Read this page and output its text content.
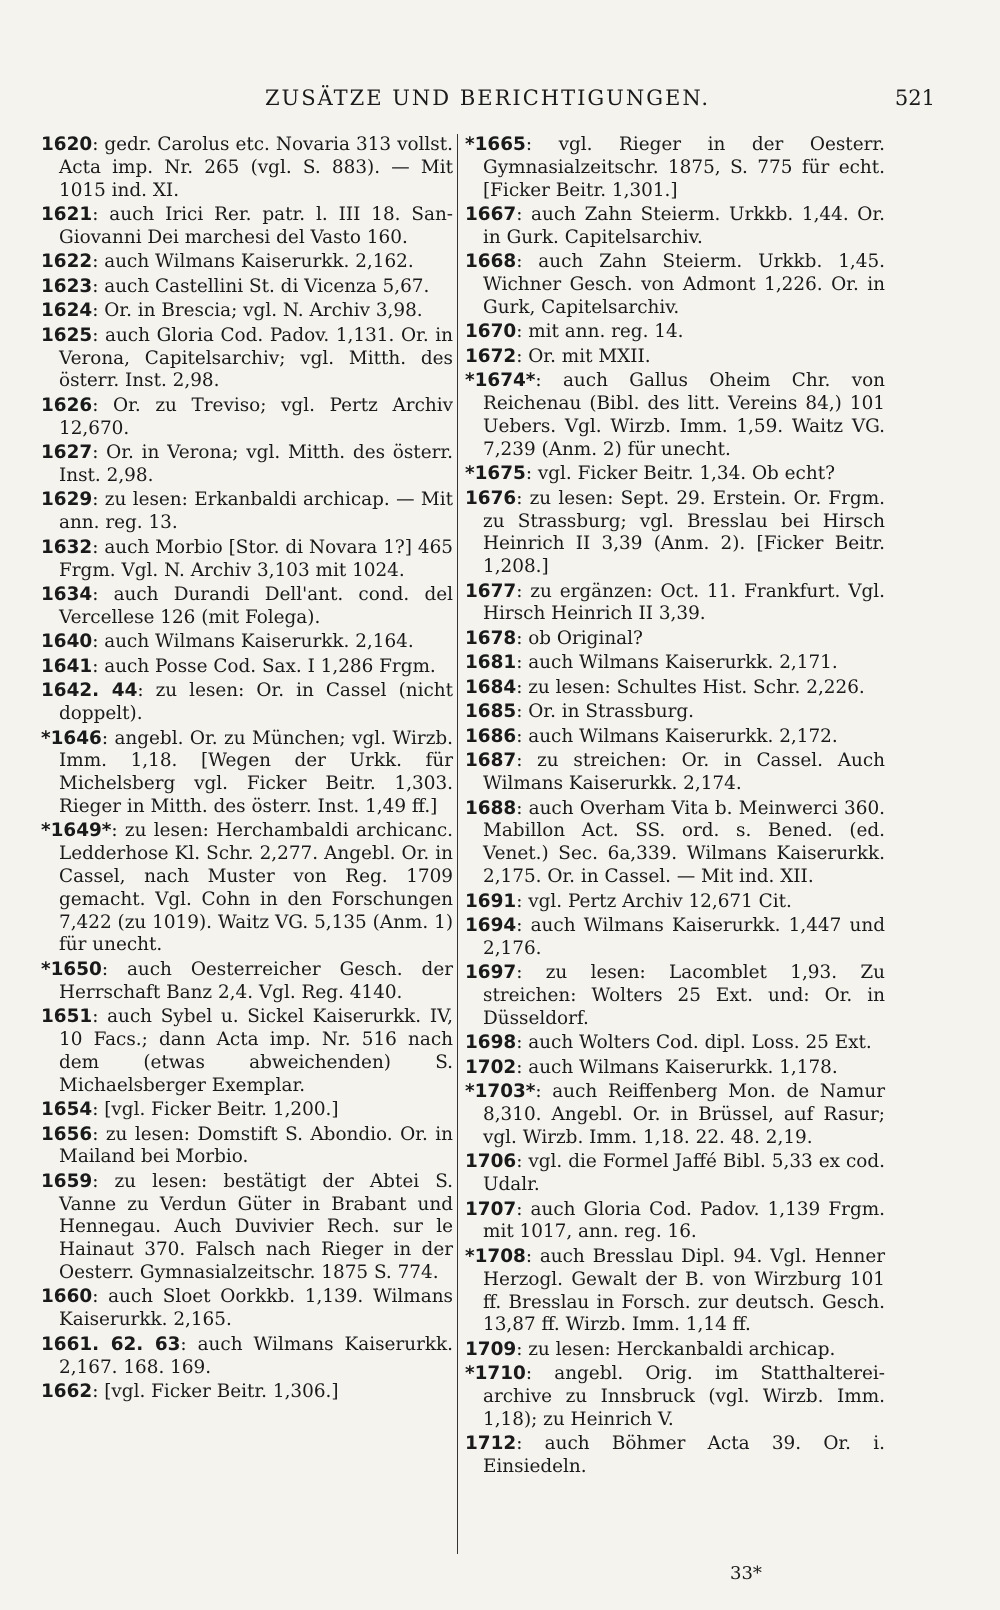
ZUSÄTZE UND BERICHTIGUNGEN.	521

1620: gedr. Carolus etc. Novaria 313 vollst. Acta imp. Nr. 265 (vgl. S. 883). — Mit 1015 ind. XI.

1621: auch Irici Rer. patr. l. III 18. San-Giovanni Dei marchesi del Vasto 160.

1622: auch Wilmans Kaiserurkk. 2,162.

1623: auch Castellini St. di Vicenza 5,67.

1624: Or. in Brescia; vgl. N. Archiv 3,98.

1625: auch Gloria Cod. Padov. 1,131. Or. in Verona, Capitelsarchiv; vgl. Mitth. des österr. Inst. 2,98.

1626: Or. zu Treviso; vgl. Pertz Archiv 12,670.

1627: Or. in Verona; vgl. Mitth. des österr. Inst. 2,98.

1629: zu lesen: Erkanbaldi archicap. — Mit ann. reg. 13.

1632: auch Morbio [Stor. di Novara 1?] 465 Frgm. Vgl. N. Archiv 3,103 mit 1024.

1634: auch Durandi Dell'ant. cond. del Vercellese 126 (mit Folega).

1640: auch Wilmans Kaiserurkk. 2,164.

1641: auch Posse Cod. Sax. I 1,286 Frgm.

1642. 44: zu lesen: Or. in Cassel (nicht doppelt).

*1646: angebl. Or. zu München; vgl. Wirzb. Imm. 1,18. [Wegen der Urkk. für Michelsberg vgl. Ficker Beitr. 1,303. Rieger in Mitth. des österr. Inst. 1,49 ff.]

*1649*: zu lesen: Herchambaldi archicanc. Ledderhose Kl. Schr. 2,277. Angebl. Or. in Cassel, nach Muster von Reg. 1709 gemacht. Vgl. Cohn in den Forschungen 7,422 (zu 1019). Waitz VG. 5,135 (Anm. 1) für unecht.

*1650: auch Oesterreicher Gesch. der Herrschaft Banz 2,4. Vgl. Reg. 4140.

1651: auch Sybel u. Sickel Kaiserurkk. IV, 10 Facs.; dann Acta imp. Nr. 516 nach dem (etwas abweichenden) S. Michaelsberger Exemplar.

1654: [vgl. Ficker Beitr. 1,200.]

1656: zu lesen: Domstift S. Abondio. Or. in Mailand bei Morbio.

1659: zu lesen: bestätigt der Abtei S. Vanne zu Verdun Güter in Brabant und Hennegau. Auch Duvivier Rech. sur le Hainaut 370. Falsch nach Rieger in der Oesterr. Gymnasialzeitschr. 1875 S. 774.

1660: auch Sloet Oorkkb. 1,139. Wilmans Kaiserurkk. 2,165.

1661. 62. 63: auch Wilmans Kaiserurkk. 2,167. 168. 169.

1662: [vgl. Ficker Beitr. 1,306.]

*1665: vgl. Rieger in der Oesterr. Gymnasialzeitschr. 1875, S. 775 für echt. [Ficker Beitr. 1,301.]

1667: auch Zahn Steierm. Urkkb. 1,44. Or. in Gurk. Capitelsarchiv.

1668: auch Zahn Steierm. Urkkb. 1,45. Wichner Gesch. von Admont 1,226. Or. in Gurk, Capitelsarchiv.

1670: mit ann. reg. 14.

1672: Or. mit MXII.

*1674*: auch Gallus Oheim Chr. von Reichenau (Bibl. des litt. Vereins 84,) 101 Uebers. Vgl. Wirzb. Imm. 1,59. Waitz VG. 7,239 (Anm. 2) für unecht.

*1675: vgl. Ficker Beitr. 1,34. Ob echt?

1676: zu lesen: Sept. 29. Erstein. Or. Frgm. zu Strassburg; vgl. Bresslau bei Hirsch Heinrich II 3,39 (Anm. 2). [Ficker Beitr. 1,208.]

1677: zu ergänzen: Oct. 11. Frankfurt. Vgl. Hirsch Heinrich II 3,39.

1678: ob Original?

1681: auch Wilmans Kaiserurkk. 2,171.

1684: zu lesen: Schultes Hist. Schr. 2,226.

1685: Or. in Strassburg.

1686: auch Wilmans Kaiserurkk. 2,172.

1687: zu streichen: Or. in Cassel. Auch Wilmans Kaiserurkk. 2,174.

1688: auch Overham Vita b. Meinwerci 360. Mabillon Act. SS. ord. s. Bened. (ed. Venet.) Sec. 6a,339. Wilmans Kaiserurkk. 2,175. Or. in Cassel. — Mit ind. XII.

1691: vgl. Pertz Archiv 12,671 Cit.

1694: auch Wilmans Kaiserurkk. 1,447 und 2,176.

1697: zu lesen: Lacomblet 1,93. Zu streichen: Wolters 25 Ext. und: Or. in Düsseldorf.

1698: auch Wolters Cod. dipl. Loss. 25 Ext.

1702: auch Wilmans Kaiserurkk. 1,178.

*1703*: auch Reiffenberg Mon. de Namur 8,310. Angebl. Or. in Brüssel, auf Rasur; vgl. Wirzb. Imm. 1,18. 22. 48. 2,19.

1706: vgl. die Formel Jaffé Bibl. 5,33 ex cod. Udalr.

1707: auch Gloria Cod. Padov. 1,139 Frgm. mit 1017, ann. reg. 16.

*1708: auch Bresslau Dipl. 94. Vgl. Henner Herzogl. Gewalt der B. von Wirzburg 101 ff. Bresslau in Forsch. zur deutsch. Gesch. 13,87 ff. Wirzb. Imm. 1,14 ff.

1709: zu lesen: Herckanbaldi archicap.

*1710: angebl. Orig. im Statthalterei-archive zu Innsbruck (vgl. Wirzb. Imm. 1,18); zu Heinrich V.

1712: auch Böhmer Acta 39. Or. i. Einsiedeln.

33*
